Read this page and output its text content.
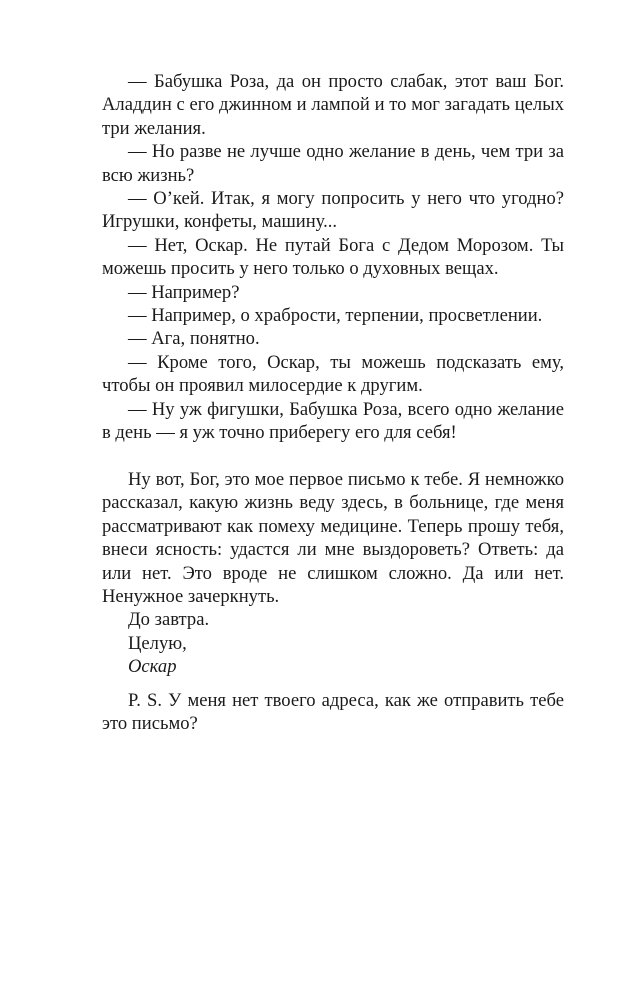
— Бабушка Роза, да он просто слабак, этот ваш Бог. Аладдин с его джинном и лампой и то мог загадать целых три желания.

— Но разве не лучше одно желание в день, чем три за всю жизнь?

— О’кей. Итак, я могу попросить у него что угодно? Игрушки, конфеты, машину...

— Нет, Оскар. Не путай Бога с Дедом Морозом. Ты можешь просить у него только о духовных вещах.

— Например?

— Например, о храбрости, терпении, просветлении.

— Ага, понятно.

— Кроме того, Оскар, ты можешь подсказать ему, чтобы он проявил милосердие к другим.

— Ну уж фигушки, Бабушка Роза, всего одно желание в день — я уж точно приберегу его для себя!

Ну вот, Бог, это мое первое письмо к тебе. Я немножко рассказал, какую жизнь веду здесь, в больнице, где меня рассматривают как помеху медицине. Теперь прошу тебя, внеси ясность: удастся ли мне выздороветь? Ответь: да или нет. Это вроде не слишком сложно. Да или нет. Ненужное зачеркнуть.

До завтра.

Целую,

Оскар

P. S. У меня нет твоего адреса, как же отправить тебе это письмо?
